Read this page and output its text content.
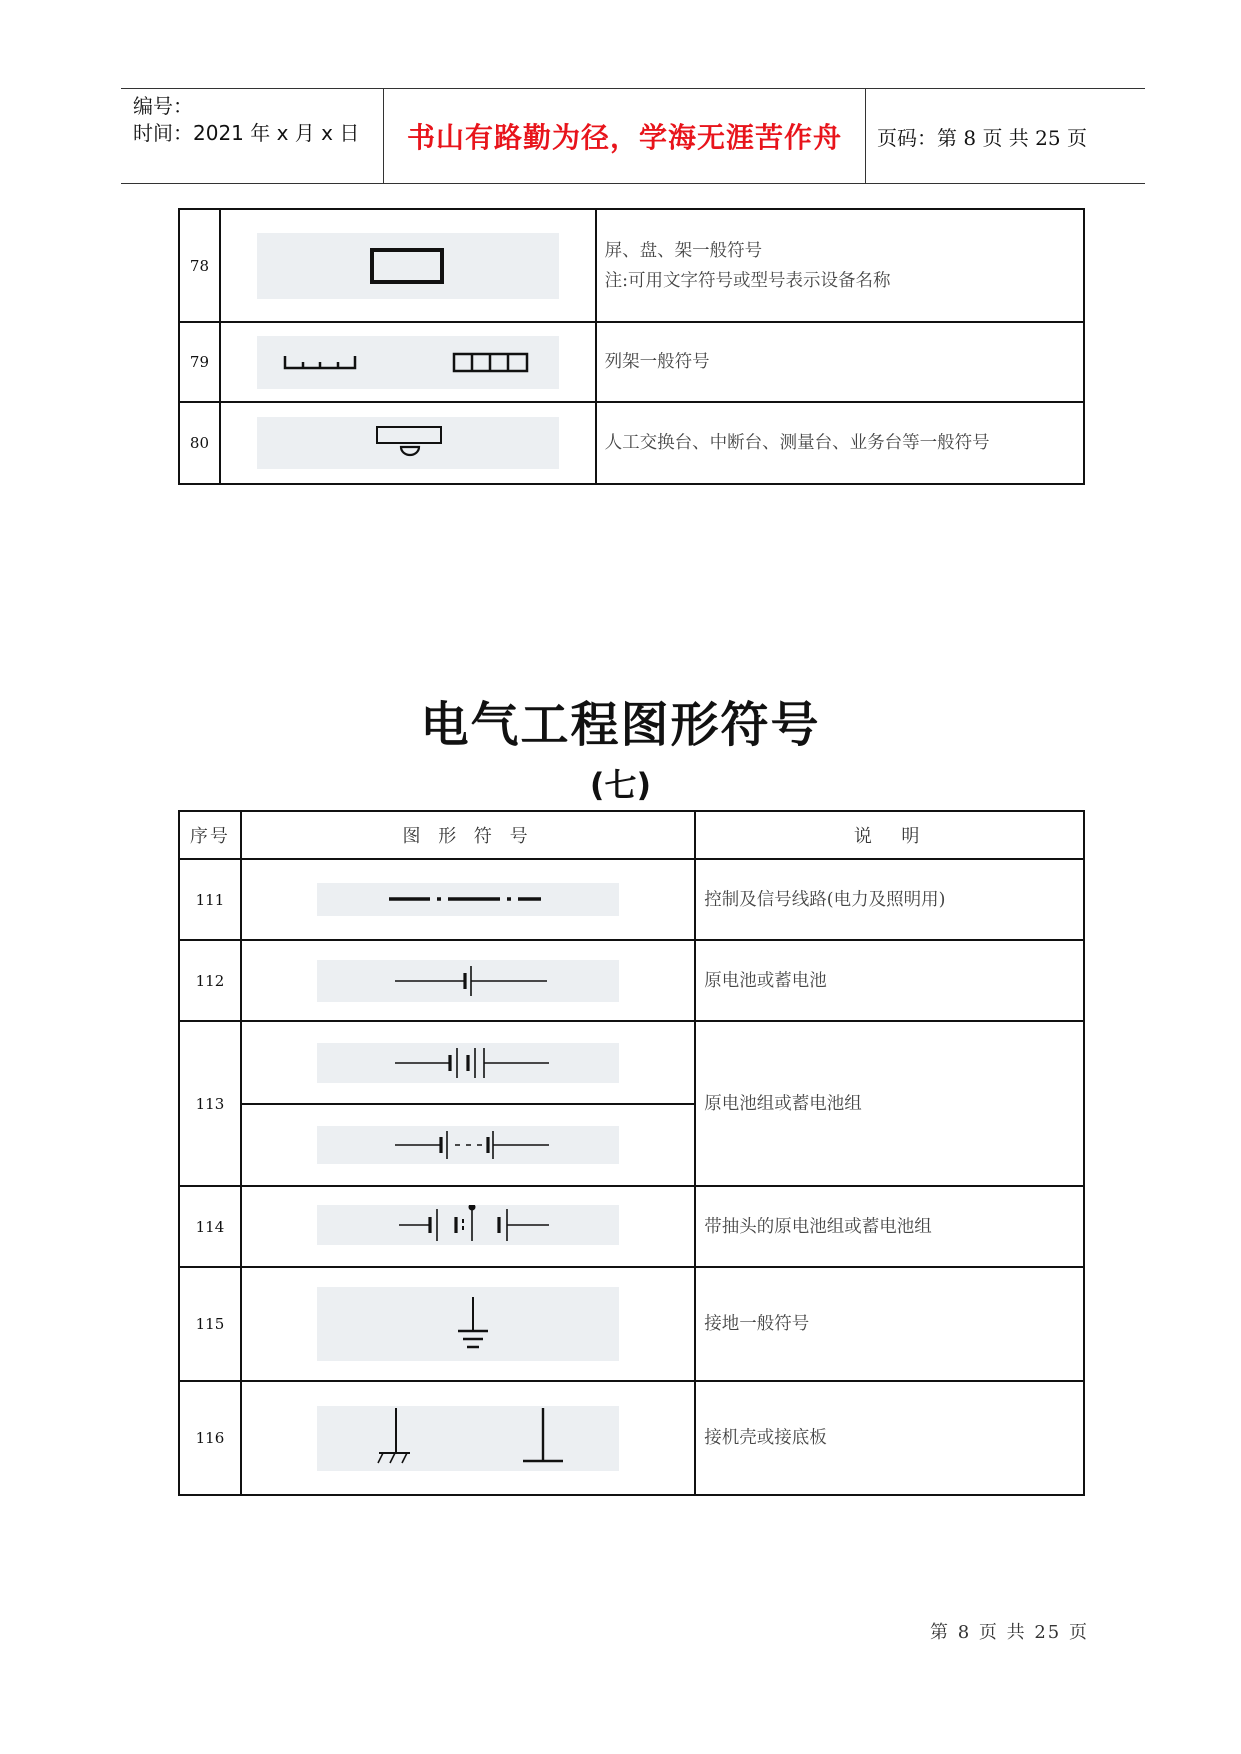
编号：
时间：2021 年 x 月 x 日	书山有路勤为径，学海无涯苦作舟	页码：第 8 页 共 25 页
78		屏、盘、架一般符号
注:可用文字符号或型号表示设备名称

79		列架一般符号

80		人工交换台、中断台、测量台、业务台等一般符号
电气工程图形符号
(七)
序号	图 形 符 号	说  明
111		控制及信号线路(电力及照明用)
112		原电池或蓄电池
113		原电池组或蓄电池组
114		带抽头的原电池组或蓄电池组
115		接地一般符号
116		接机壳或接底板
第 8 页 共 25 页
